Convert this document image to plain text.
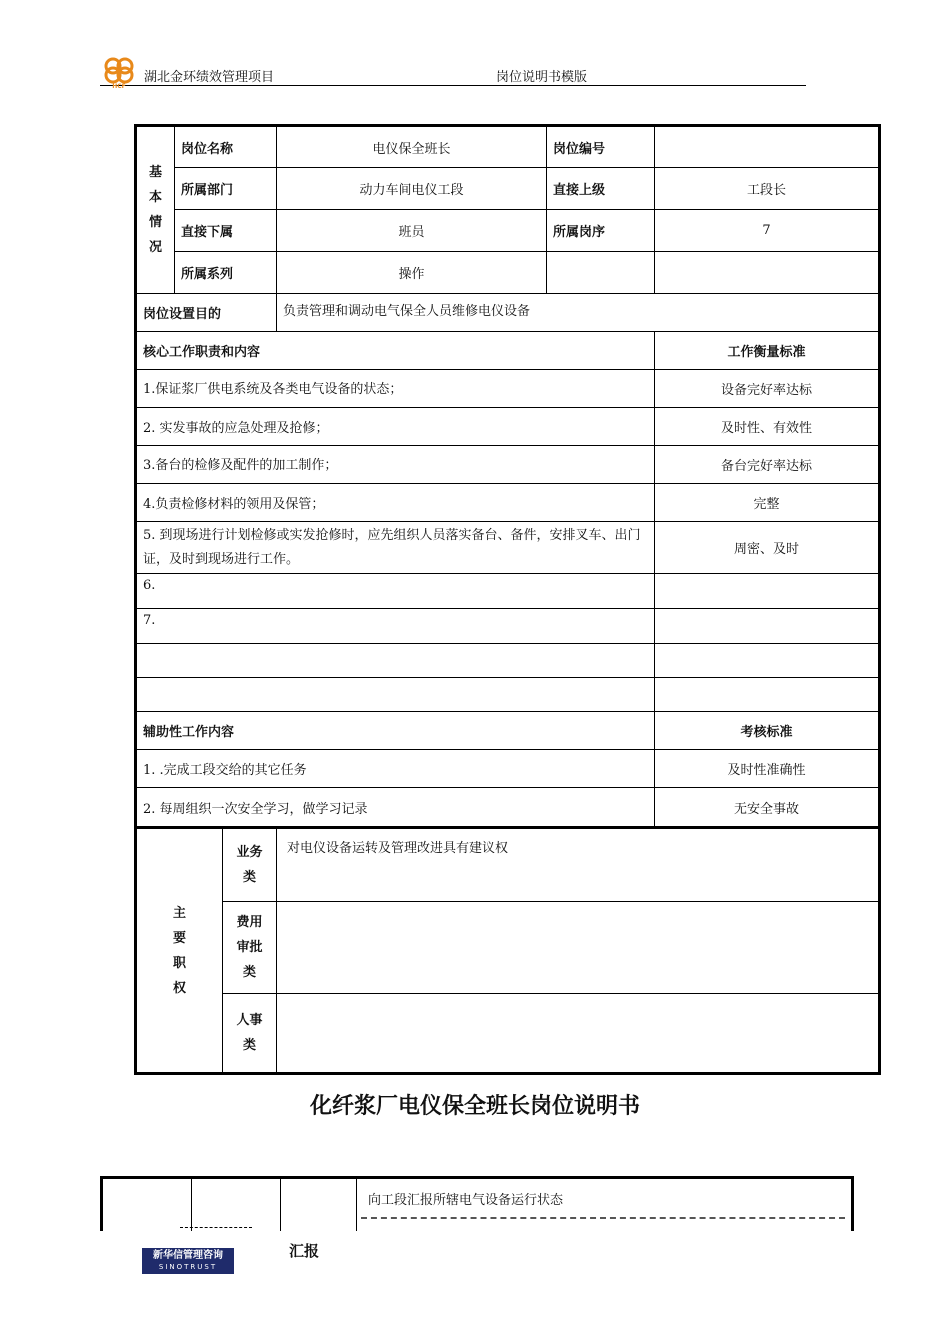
HCF
湖北金环绩效管理项目	岗位说明书模版
基本情况	岗位名称		电仪保全班长	岗位编号	
	所属部门		动力车间电仪工段	直接上级	工段长
	直接下属		班员	所属岗序	7
	所属系列		操作		
岗位设置目的			负责管理和调动电气保全人员维修电仪设备		
核心工作职责和内容					工作衡量标准
1.保证浆厂供电系统及各类电气设备的状态；					设备完好率达标
2. 实发事故的应急处理及抢修；					及时性、有效性
3.备台的检修及配件的加工制作；					备台完好率达标
4.负责检修材料的领用及保管；					完整
5. 到现场进行计划检修或实发抢修时，应先组织人员落实备台、备件，安排叉车、出门证，及时到现场进行工作。					周密、及时
6.					
7.					

辅助性工作内容					考核标准
1. .完成工段交给的其它任务					及时性准确性
2. 每周组织一次安全学习，做学习记录					无安全事故
主要职权		业务类	对电仪设备运转及管理改进具有建议权		
		费用审批类			
		人事类			
化纤浆厂电仪保全班长岗位说明书
向工段汇报所辖电气设备运行状态
汇报
新华信管理咨询
SINOTRUST
